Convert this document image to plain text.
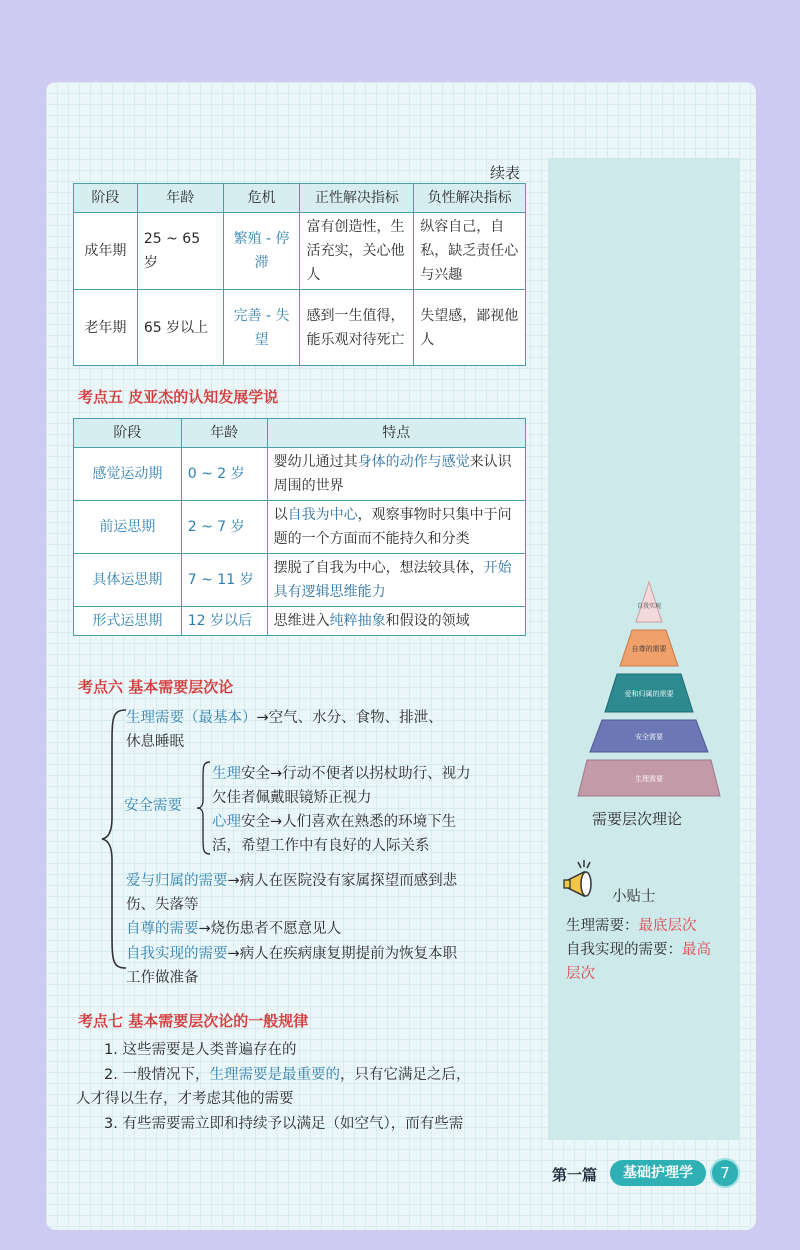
续表
阶段	年龄	危机	正性解决指标	负性解决指标
成年期	25 ~ 65 岁	繁殖 - 停滞	富有创造性，生活充实，关心他人	纵容自己，自私，缺乏责任心与兴趣
老年期	65 岁以上	完善 - 失望	感到一生值得，能乐观对待死亡	失望感，鄙视他人
考点五 皮亚杰的认知发展学说
阶段	年龄	特点
感觉运动期	0 ~ 2 岁	婴幼儿通过其身体的动作与感觉来认识周围的世界
前运思期	2 ~ 7 岁	以自我为中心，观察事物时只集中于问题的一个方面而不能持久和分类
具体运思期	7 ~ 11 岁	摆脱了自我为中心，想法较具体，开始具有逻辑思维能力
形式运思期	12 岁以后	思维进入纯粹抽象和假设的领域
考点六 基本需要层次论
生理需要（最基本）→空气、水分、食物、排泄、
休息睡眠
安全需要
生理安全→行动不便者以拐杖助行、视力
欠佳者佩戴眼镜矫正视力
心理安全→人们喜欢在熟悉的环境下生
活，希望工作中有良好的人际关系
爱与归属的需要→病人在医院没有家属探望而感到悲
伤、失落等
自尊的需要→烧伤患者不愿意见人
自我实现的需要→病人在疾病康复期提前为恢复本职
工作做准备
考点七 基本需要层次论的一般规律
1. 这些需要是人类普遍存在的
2. 一般情况下，生理需要是最重要的，只有它满足之后，
人才得以生存，才考虑其他的需要
3. 有些需要需立即和持续予以满足（如空气），而有些需
自我实现
自尊的需要
爱和归属的需要
安全需要
生理需要
需要层次理论
小贴士
生理需要：最底层次
自我实现的需要：最高
层次
第一篇	基础护理学	7
